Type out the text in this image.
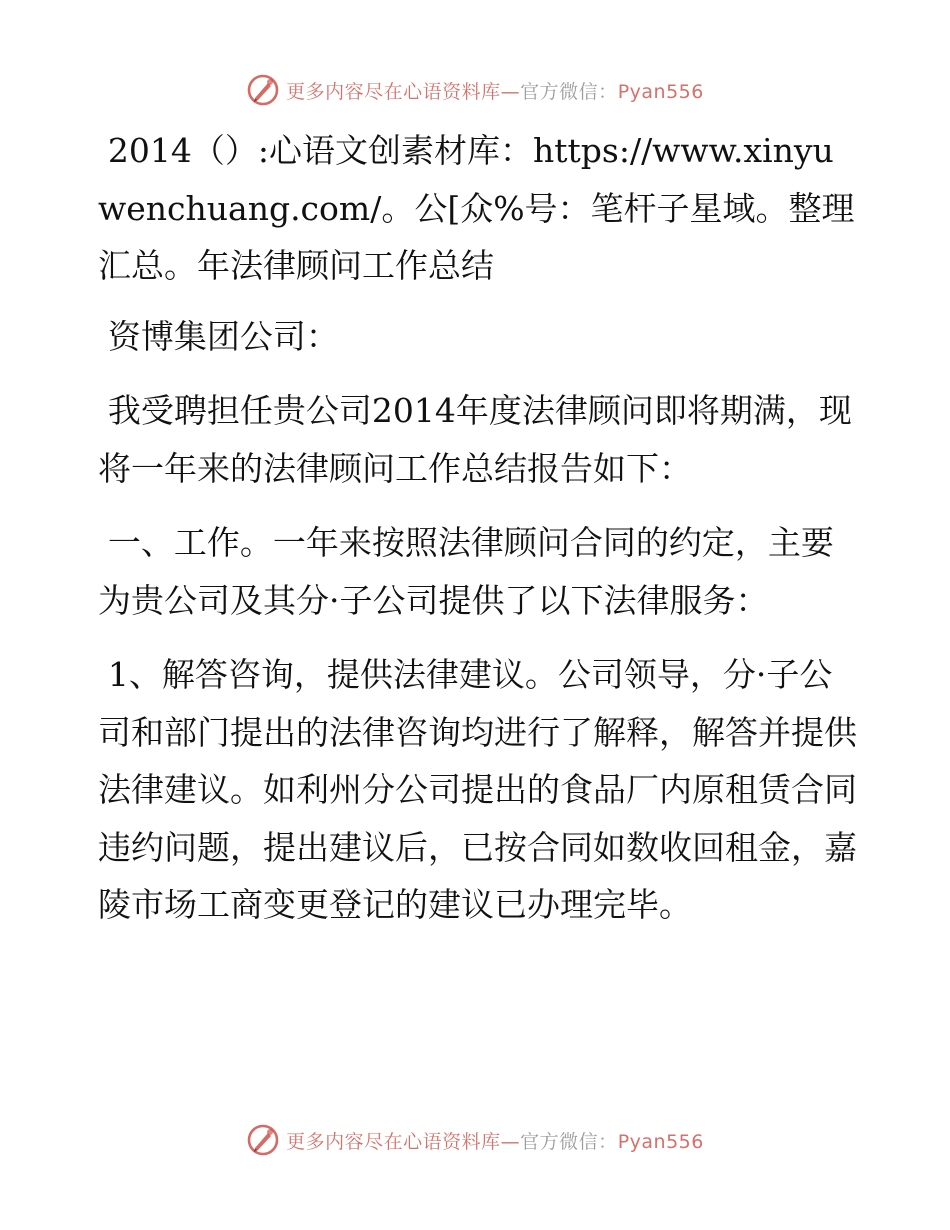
更多内容尽在心语资料库—官方微信：Pyan556

2014（）:心语文创素材库：https://www.xinyuwenchuang.com/。公[众%号：笔杆子星域。整理汇总。年法律顾问工作总结

资博集团公司：

我受聘担任贵公司2014年度法律顾问即将期满，现将一年来的法律顾问工作总结报告如下：

一、工作。一年来按照法律顾问合同的约定，主要为贵公司及其分·子公司提供了以下法律服务：

1、解答咨询，提供法律建议。公司领导，分·子公司和部门提出的法律咨询均进行了解释，解答并提供法律建议。如利州分公司提出的食品厂内原租赁合同违约问题，提出建议后，已按合同如数收回租金，嘉陵市场工商变更登记的建议已办理完毕。

更多内容尽在心语资料库—官方微信：Pyan556
